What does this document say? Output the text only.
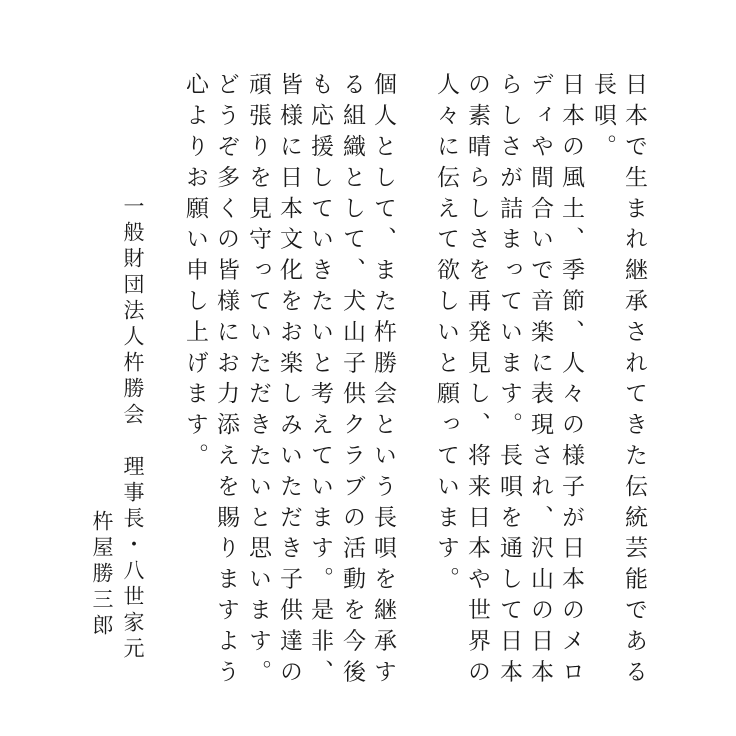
日本で生まれ継承されてきた伝統芸能である
長唄。
日本の風土、季節、人々の様子が日本のメロ
ディや間合いで音楽に表現され、沢山の日本
らしさが詰まっています。長唄を通して日本
の素晴らしさを再発見し、将来日本や世界の
人々に伝えて欲しいと願っています。
個人として、また杵勝会という長唄を継承す
る組織として、犬山子供クラブの活動を今後
も応援していきたいと考えています。是非、
皆様に日本文化をお楽しみいただき子供達の
頑張りを見守っていただきたいと思います。
どうぞ多くの皆様にお力添えを賜りますよう
心よりお願い申し上げます。
一般財団法人杵勝会　理事長・八世家元
杵屋勝三郎
